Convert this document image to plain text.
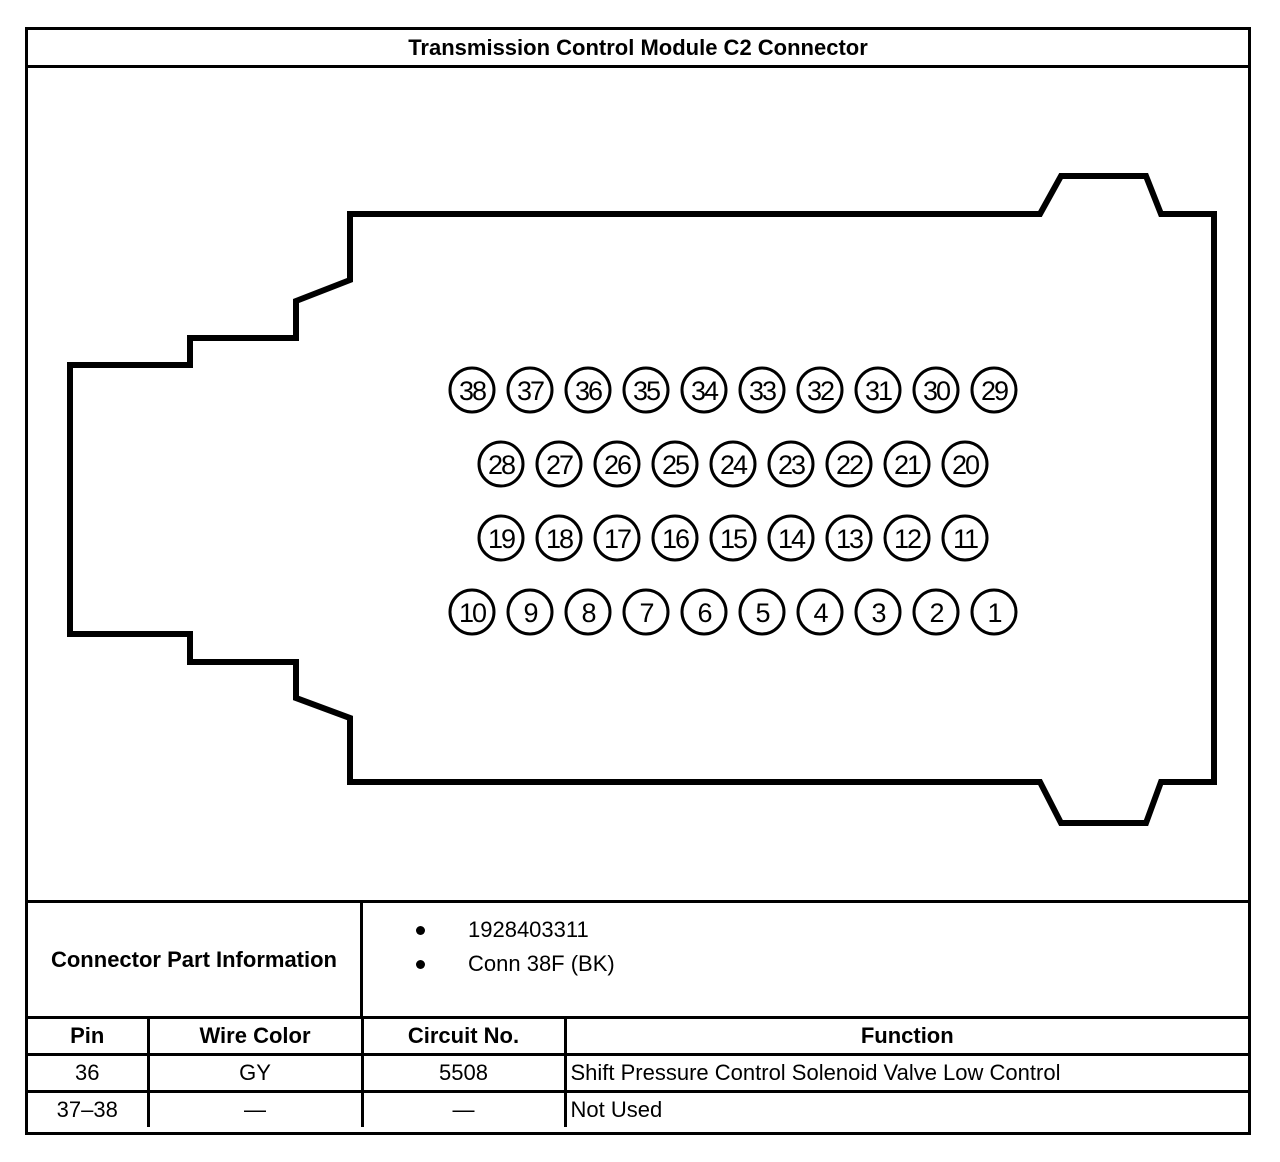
Transmission Control Module C2 Connector
38 37 36 35 34 33 32 31 30 29
28 27 26 25 24 23 22 21 20
19 18 17 16 15 14 13 12 11
10 9 8 7 6 5 4 3 2 1
Connector Part Information
1928403311
Conn 38F (BK)
Pin	Wire Color	Circuit No.	Function
36	GY	5508	Shift Pressure Control Solenoid Valve Low Control
37–38	—	—	Not Used
